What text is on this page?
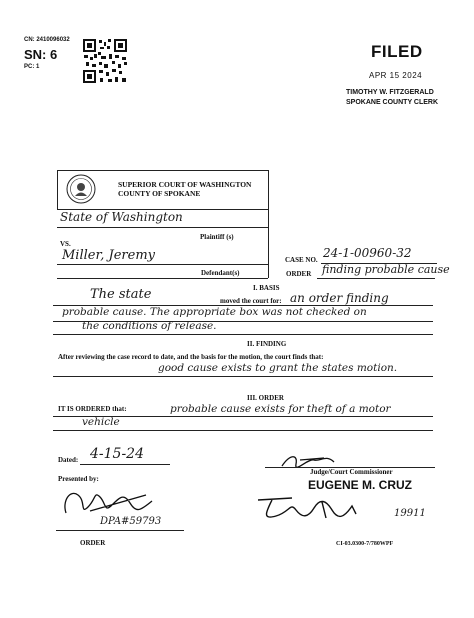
CN: 2410096032
SN: 6
PC: 1
FILED
APR 15 2024
TIMOTHY W. FITZGERALD
SPOKANE COUNTY CLERK
SUPERIOR COURT OF WASHINGTON
COUNTY OF SPOKANE
State of Washington
Plaintiff (s)
VS.
Miller, Jeremy
Defendant(s)
CASE NO. 24-1-00960-32
ORDER finding probable cause
I. BASIS
The state	moved the court for: an order finding
probable cause. The appropriate box was not checked on
the conditions of release.
II. FINDING
After reviewing the case record to date, and the basis for the motion, the court finds that:
good cause exists to grant the states motion.
III. ORDER
IT IS ORDERED that:	probable cause exists for theft of a motor
vehicle
Dated: 4-15-24
Judge/Court Commissioner
EUGENE M. CRUZ
19911
Presented by:
DPA#59793
ORDER	CI-03.0300-7/780WPF
